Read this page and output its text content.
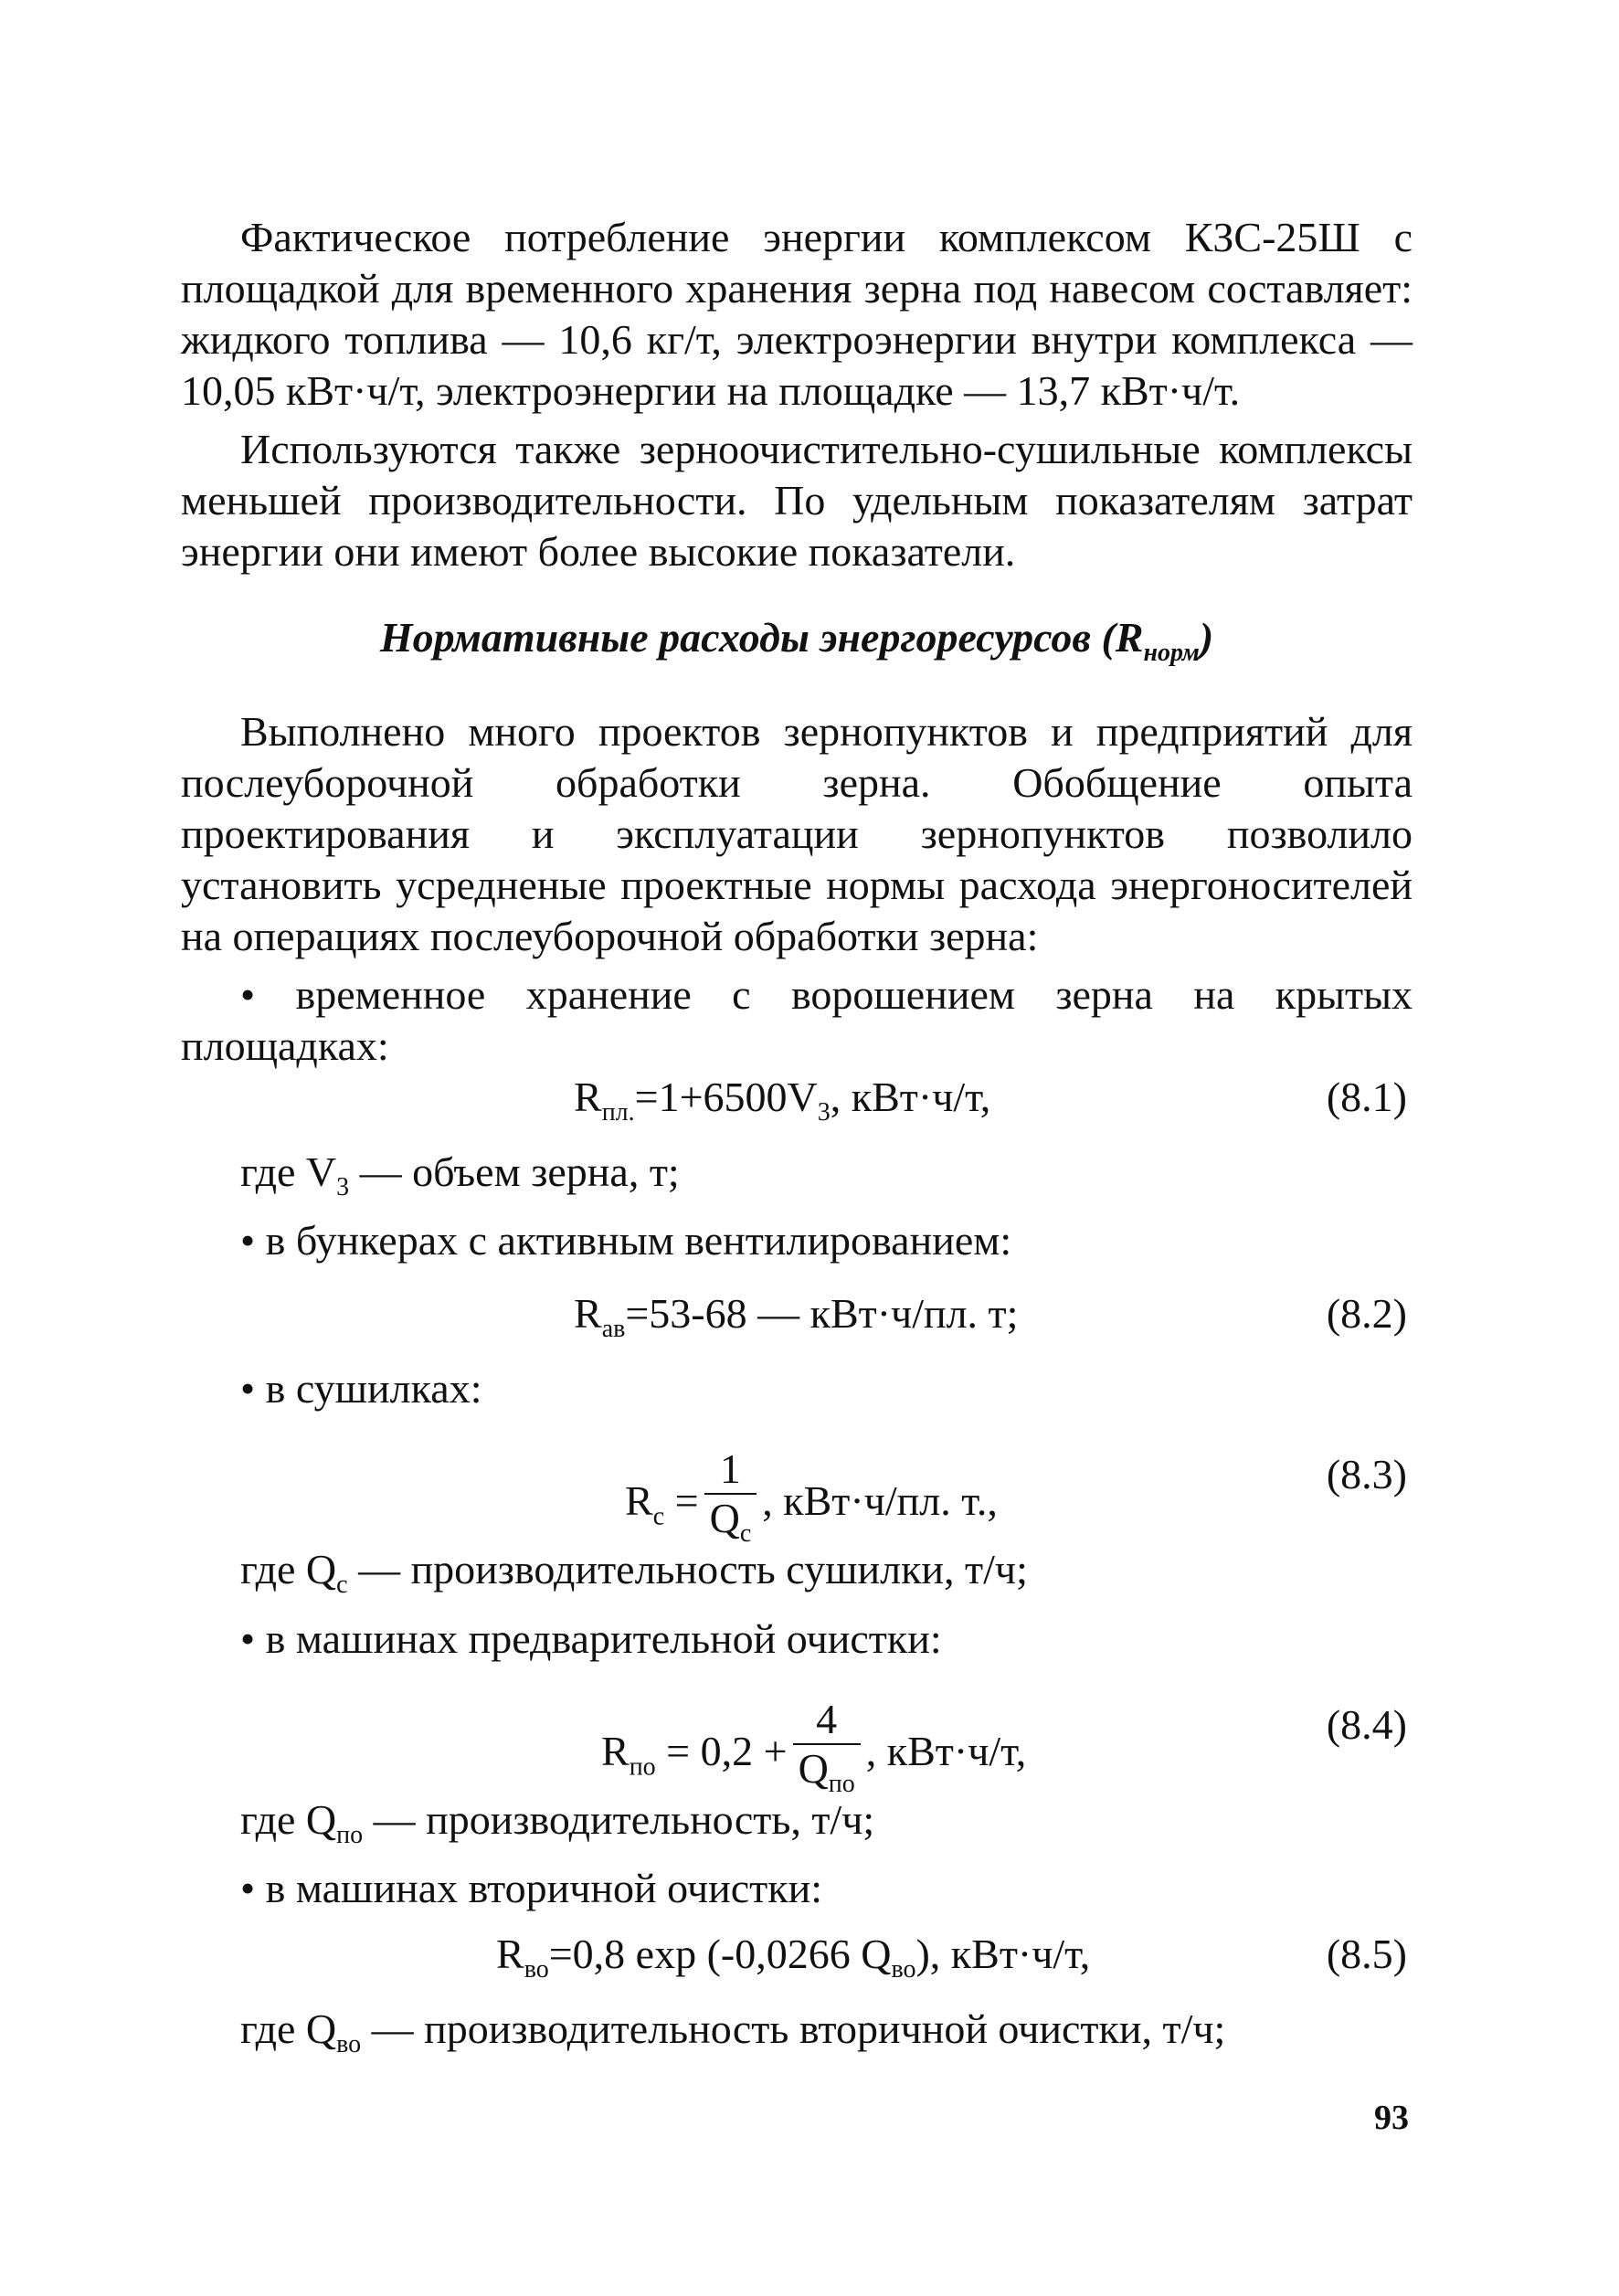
Фактическое потребление энергии комплексом КЗС-25Ш с площадкой для временного хранения зерна под навесом составляет: жидкого топлива — 10,6 кг/т, электроэнергии внутри комплекса — 10,05 кВт·ч/т, электроэнергии на площадке — 13,7 кВт·ч/т.

Используются также зерноочистительно-сушильные комплексы меньшей производительности. По удельным показателям затрат энергии они имеют более высокие показатели.

Нормативные расходы энергоресурсов $(R_{норм})$

Выполнено много проектов зернопунктов и предприятий для послеуборочной обработки зерна. Обобщение опыта проектирования и эксплуатации зернопунктов позволило установить усредненые проектные нормы расхода энергоносителей на операциях послеуборочной обработки зерна:

• временное хранение с ворошением зерна на крытых площадках:

$R_{пл.}=1+6500V_3$, кВт·ч/т,	(8.1)

где $V_3$ — объем зерна, т;

• в бункерах с активным вентилированием:

$R_{ав}=53-68$ — кВт·ч/пл. т;	(8.2)

• в сушилках:

$R_c = \frac{1}{Q_c}$ , кВт·ч/пл. т.,
(8.3)

где $Q_c$ — производительность сушилки, т/ч;

• в машинах предварительной очистки:

$R_{по} = 0,2 + \frac{4}{Q_{по}}$ , кВт·ч/т,
(8.4)

где $Q_{по}$ — производительность, т/ч;

• в машинах вторичной очистки:

$R_{во}=0,8$ exp (-0,0266 $Q_{во}$), кВт·ч/т,	(8.5)

где $Q_{во}$ — производительность вторичной очистки, т/ч;

93
